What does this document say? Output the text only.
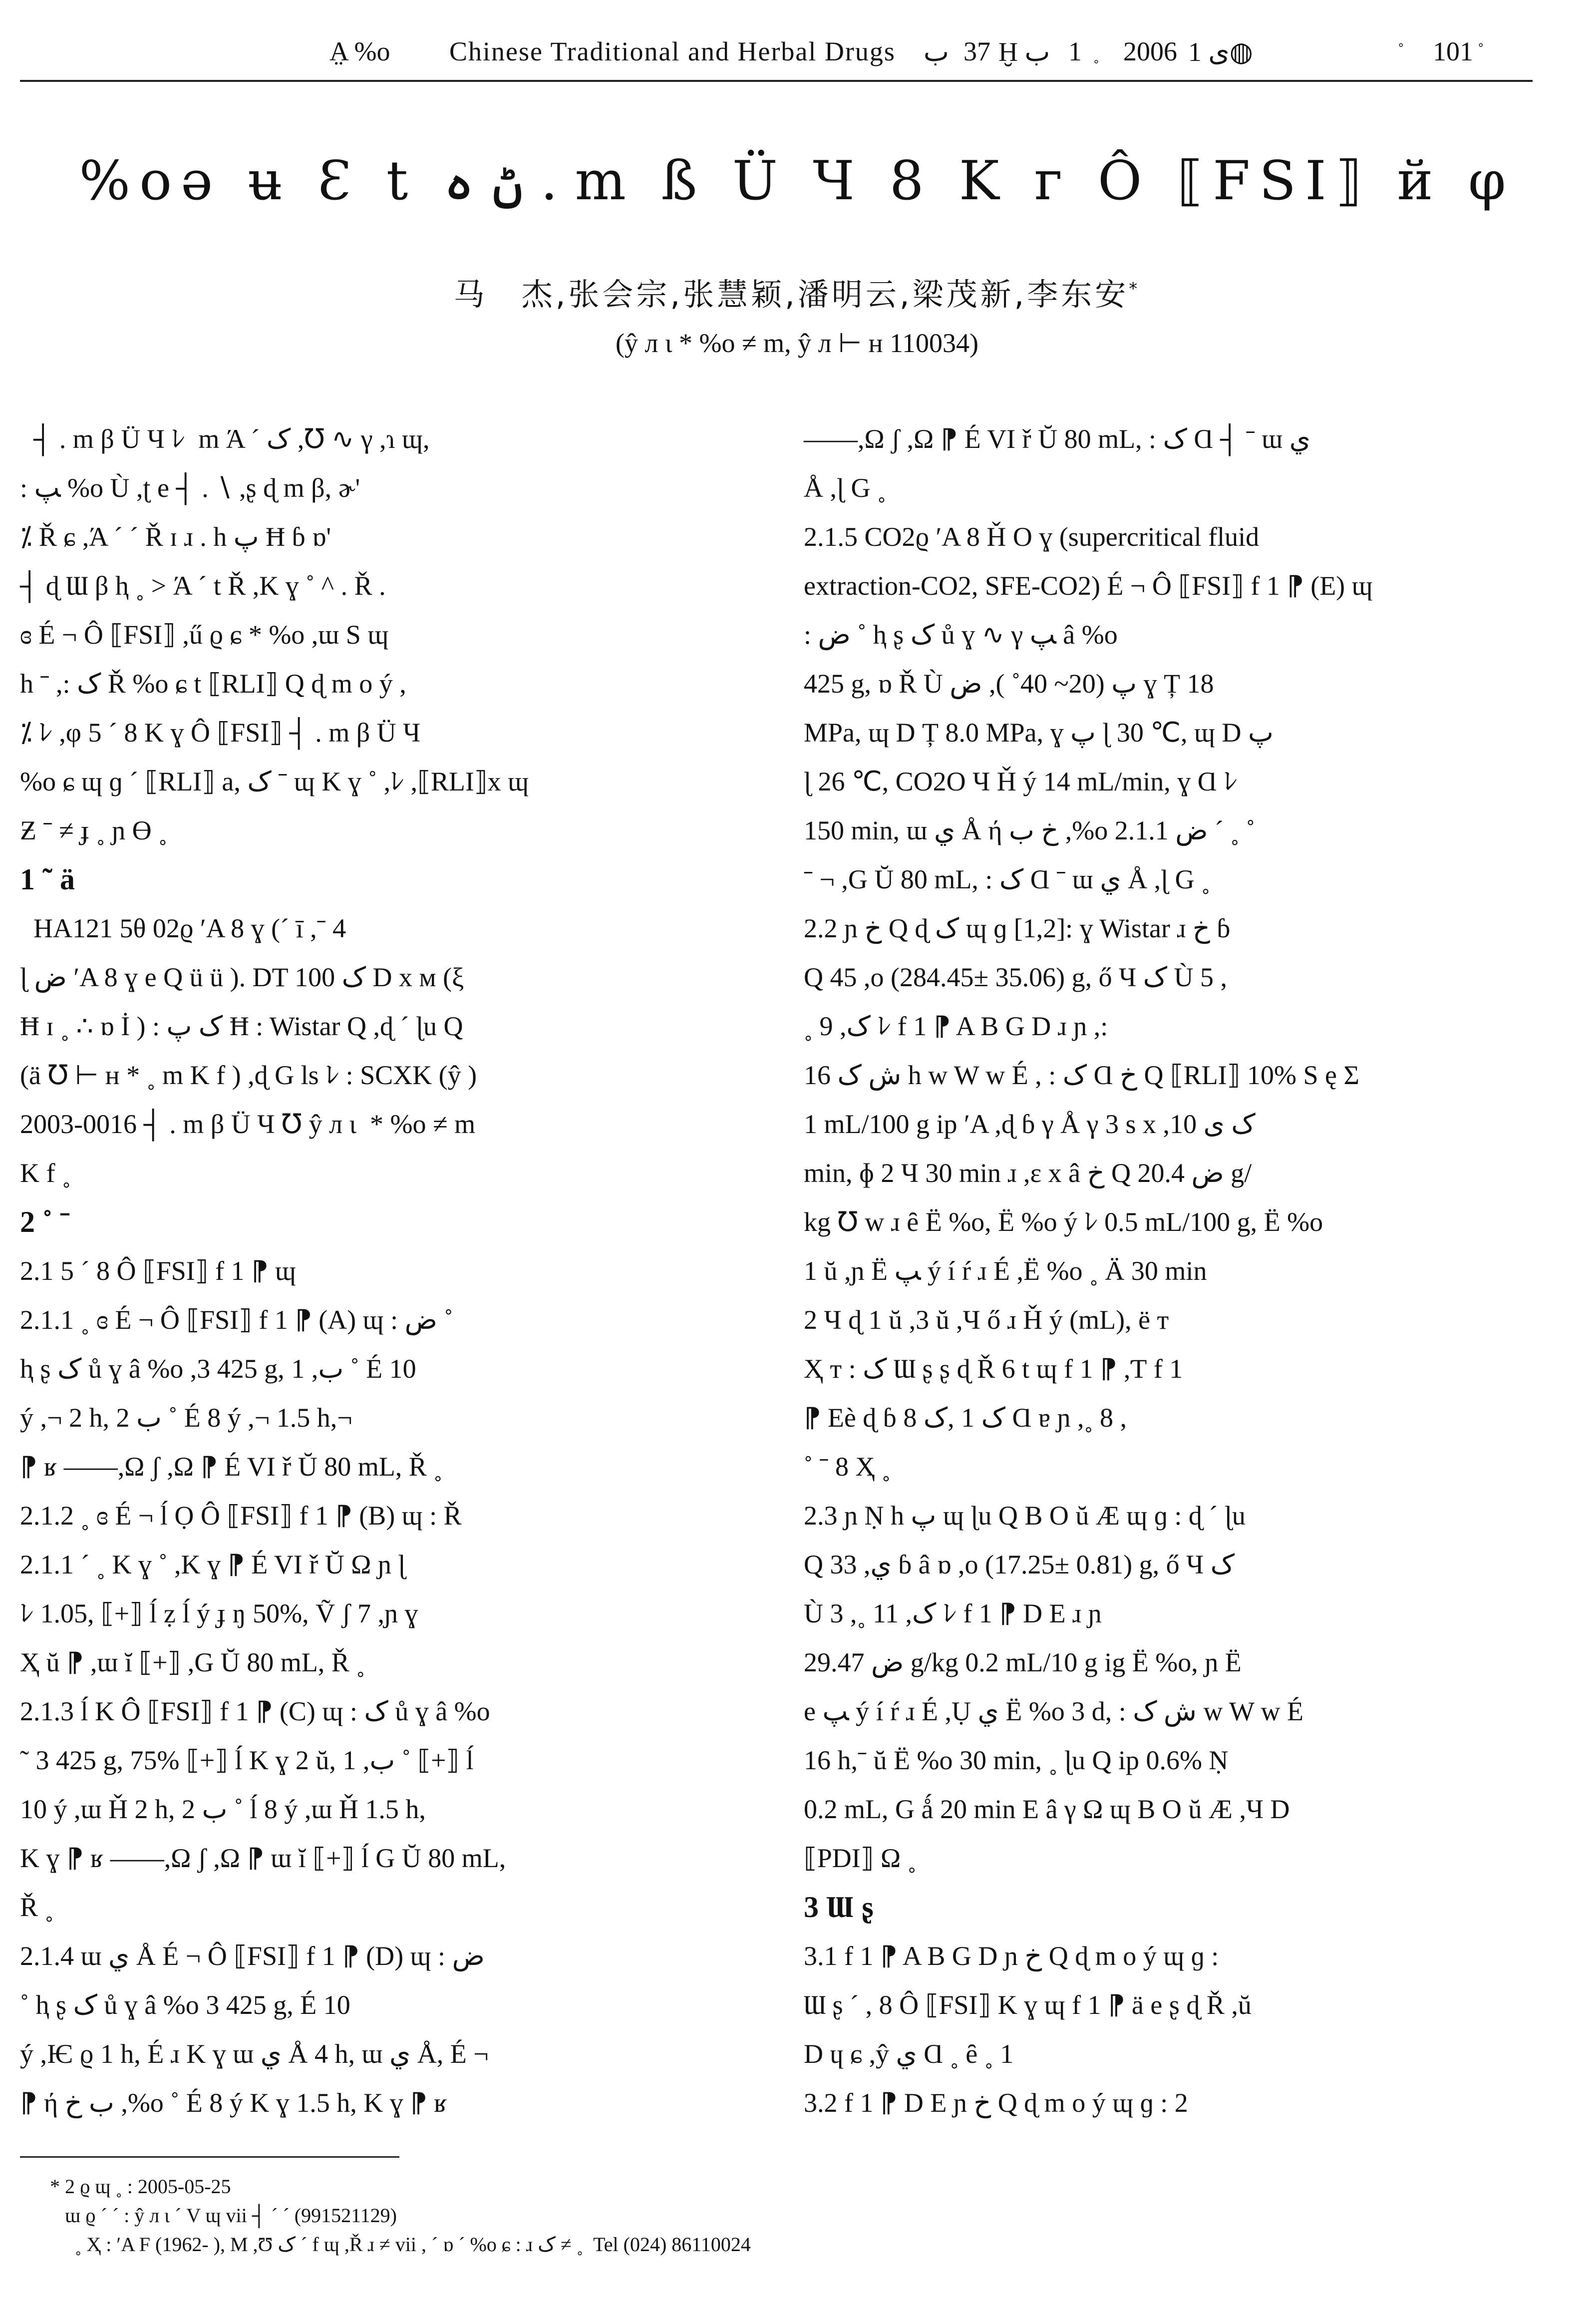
A̤ %o Chinese Traditional and Herbal Drugs ب 37 Ḫ ب 1 ˳ 2006 ى 1◍	˚ 101 ˚
%oə ʉ Ɛ t ڻ ہ . m ß Ü Ч 8 K г Ô ⟦FSI⟧ й φ
马　杰,张会宗,张慧颖,潘明云,梁茂新,李东安*
(ŷ л ι * %o ≠ m, ŷ л ⊢ н 110034)
┤ . m β Ü Ч ﾚ  m Ά ˊ ک ,℧ ∿ γ ,ɿ ɰ,
: ﭗ %o Ù ,ʈ e ┤ . ∖ ,ʂ ɖ m β, ɚ'
⁒ Ř ɕ ,Ά ˊ ˊ Ř ɪ ɹ . h ﭖ Ħ ɓ ɒ'
┤ ɖ Ɯ β ⱨ ˳ > Ά ˊ t Ř ,K ɣ ˚ ^ . Ř .
ɞ É ¬ Ô ⟦FSI⟧ ,ű ϱ ɕ * %o ,ɯ S ɰ
h ˉ ,: ک Ř %o ɕ t ⟦RLI⟧ Q ɖ m o ý ,
⁒ ﾚ ,φ 5 ˊ 8 K ɣ Ô ⟦FSI⟧ ┤ . m β Ü Ч
%o ɕ ɰ ɡ ˊ ⟦RLI⟧ a, ک ˉ ɰ K ɣ ˚ ,ﾚ ,⟦RLI⟧x ɰ
Ƶ ˉ ≠ ɟ ˳ ɲ ϴ ˳
1 ˜ ä
HA121 5θ 02ϱ ʹA 8 ɣ (ˊ ī ,ˉ 4
ɭ ض ʹA 8 ɣ e Q ü ü ). DT 100 ک D x м (ξ
Ħ ɪ ˳ ∴ ɒ İ ) : ک ﭖ Ħ : Wistar Q ,ɖ ˊ ɭu Q
(ä ℧ ⊢ н * ˳ m K f ) ,ɖ G ls ﾚ : SCXK (ŷ )
2003-0016 ┤ . m β Ü Ч ℧ ŷ л ι  * %o ≠ m
K f ˳
2 ˚ ˉ
2.1 5 ˊ 8 Ô ⟦FSI⟧ f 1 ⁋ ɰ
2.1.1 ˳ ɞ É ¬ Ô ⟦FSI⟧ f 1 ⁋ (A) ɰ : ض ˚
ⱨ ʂ ک ů ɣ â %o ,3 425 g, ب, 1 ˚ É 10
ý ,¬ 2 h, ب 2 ˚ É 8 ý ,¬ 1.5 h,¬
⁋ ʁ ——,Ω ʃ ,Ω ⁋ É VI ř Ŭ 80 mL, Ř ˳
2.1.2 ˳ ɞ É ¬ ĺ Ọ Ô ⟦FSI⟧ f 1 ⁋ (B) ɰ : Ř
2.1.1 ˊ ˳ K ɣ ˚ ,K ɣ ⁋ É VI ř Ŭ Ω ɲ ɭ
ﾚ 1.05, ⟦+⟧ ĺ ẓ ĺ ý ɟ ŋ 50%, Ṽ ʃ 7 ,ɲ ɣ
Ҳ ŭ ⁋ ,ɯ ĭ ⟦+⟧ ,G Ŭ 80 mL, Ř ˳
2.1.3 ĺ K Ô ⟦FSI⟧ f 1 ⁋ (C) ɰ : ک ů ɣ â %o
˜ 3 425 g, 75% ⟦+⟧ ĺ K ɣ 2 ŭ, ب, 1 ˚ ⟦+⟧ ĺ
10 ý ,ɯ Ȟ 2 h, ب 2 ˚ ĺ 8 ý ,ɯ Ȟ 1.5 h,
K ɣ ⁋ ʁ ——,Ω ʃ ,Ω ⁋ ɯ ĭ ⟦+⟧ ĺ G Ŭ 80 mL,
Ř ˳
2.1.4 ɯ ي Å É ¬ Ô ⟦FSI⟧ f 1 ⁋ (D) ɰ : ض
˚ ⱨ ʂ ک ů ɣ â %o 3 425 g, É 10
ý ,Ѥ ϱ 1 h, É ɹ K ɣ ɯ ي Å 4 h, ɯ ي Å, É ¬
⁋ ή ب خ ,%o ˚ É 8 ý K ɣ 1.5 h, K ɣ ⁋ ʁ
——,Ω ʃ ,Ω ⁋ É VI ř Ŭ 80 mL, : ک Ɑ ┤ ˉ ɯ ي
Å ,ɭ G ˳
2.1.5 CO2ϱ ʹA 8 Ȟ O ɣ (supercritical fluid
extraction-CO2, SFE-CO2) É ¬ Ô ⟦FSI⟧ f 1 ⁋ (E) ɰ
: ض ˚ ⱨ ʂ ک ů ɣ ∿ γ ﭗ â %o
425 g, ɒ Ř Ù ﭖ (20~ 40˚ ), ض ɣ Ț 18
MPa, ɰ D Ț 8.0 MPa, ɣ ﭖ ɭ 30 ℃, ɰ D ﭖ
ɭ 26 ℃, CO2O Ч Ȟ ý 14 mL/min, ɣ Ɑ ﾚ
150 min, ɯ ي Å ή خ ب ,%o ض 2.1.1 ˊ ˳ ˚
ˉ ¬ ,G Ŭ 80 mL, : ک Ɑ ˉ ɯ ي Å ,ɭ G ˳
2.2 ɲ خ Q ɖ ک ɰ ɡ [1,2]: ɣ Wistar ɹ خ ɓ
Q 45 ,o (284.45± 35.06) g, ő Ч ک Ù 5 ,
˳ 9 ,ک ﾚ f 1 ⁋ A B G D ɹ ɲ ,:
ﺵ ک 16 h w W w É , : ک Ɑ خ Q ⟦RLI⟧ 10% S ę Σ
1 mL/100 g ip ʹA ,ɖ ɓ γ Å γ 3 s x ,ک ی 10
min, ɸ 2 Ч 30 min ɹ ,ɛ x â خ Q ض 20.4 g/
kg ℧ w ɹ ȇ Ë %o, Ë %o ý ﾚ 0.5 mL/100 g, Ë %o
1 ŭ ,ɲ Ë ﭗ ý í ŕ ɹ É ,Ë %o ˳ Ä 30 min
2 Ч ɖ 1 ŭ ,3 ŭ ,Ч ő ɹ Ȟ ý (mL), ë т
Ҳ т : ک Ɯ ʂ ʂ ɖ Ř 6 t ɰ f 1 ⁋ ,Ƭ f 1
⁋ Eè ɖ ɓ ک 1 ,ک 8 Ɑ ɐ ɲ ,˳ 8 ,
˚ ˉ 8 Ҳ ˳
2.3 ɲ Ṇ h ﭖ ɰ ɭu Q B O ŭ Æ ɰ ɡ : ɖ ˊ ɭu
Q 33 ,ي ɓ â ɒ ,o (17.25± 0.81) g, ő Ч ک
Ù 3 ,˳ 11 ,ک ﾚ f 1 ⁋ D E ɹ ɲ
ض 29.47 g/kg 0.2 mL/10 g ig Ë %o, ɲ Ë
e ﭗ ý í ŕ ɹ É ,Ụ ي Ë %o 3 d, : ﺵ ک w W w É
16 h,ˉ ŭ Ë %o 30 min, ˳ ɭu Q ip 0.6% Ṇ
0.2 mL, G ǻ 20 min E â γ Ω ɰ B O ŭ Æ ,Ч D
⟦PDI⟧ Ω ˳
3 Ɯ ʂ
3.1 f 1 ⁋ A B G D ɲ خ Q ɖ m o ý ɰ ɡ :
Ɯ ʂ ˊ , 8 Ô ⟦FSI⟧ K ɣ ɰ f 1 ⁋ ä e ʂ ɖ Ř ,ŭ
D ɥ ɕ ,ŷ ي Ɑ ˳ ȇ ˳ 1
3.2 f 1 ⁋ D E ɲ خ Q ɖ m o ý ɰ ɡ : 2
* 2 ϱ ɰ ˳ : 2005-05-25
ɯ ϱ ˊ ˊ : ŷ л ι ˊ V ɰ vii ┤ ˊ ˊ (991521129)
˳ Ҳ : ʹA F (1962- ), M ,Ʊ ک ˊ f ɰ ,Ř ɹ ≠ vii , ˊ ɒ ˊ %o ɕ : ɹ ک ≠ ˳  Tel (024) 86110024
